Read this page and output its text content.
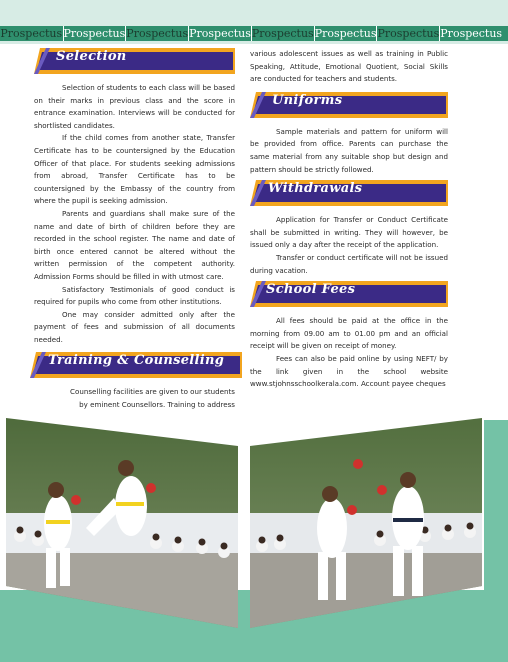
Prospectus Prospectus Prospectus Prospectus Prospectus Prospectus Prospectus Prospectus
Selection

Selection of students to each class will be based on their marks in previous class and the score in entrance examination. Interviews will be conducted for shortlisted candidates.

If the child comes from another state, Transfer Certificate has to be countersigned by the Education Officer of that place. For students seeking admissions from abroad, Transfer Certificate has to be countersigned by the Embassy of the country from where the pupil is seeking admission.

Parents and guardians shall make sure of the name and date of birth of children before they are recorded in the school register. The name and date of birth once entered cannot be altered without the written permission of the competent authority. Admission Forms should be filled in with utmost care.

Satisfactory Testimonials of good conduct is required for pupils who come from other institutions.

One may consider admitted only after the payment of fees and submission of all documents needed.

Training & Counselling

Counselling facilities are given to our students by eminent Counsellors. Training to address

various adolescent issues as well as training in Public Speaking, Attitude, Emotional Quotient, Social Skills are conducted for teachers and students.

Uniforms

Sample materials and pattern for uniform will be provided from office. Parents can purchase the same material from any suitable shop but design and pattern should be strictly followed.

Withdrawals

Application for Transfer or Conduct Certificate shall be submitted in writing. They will however, be issued only a day after the receipt of the application.

Transfer or conduct certificate will not be issued during vacation.

School Fees

All fees should be paid at the office in the morning from 09.00 am to 01.00 pm and an official receipt will be given on receipt of money.

Fees can also be paid online by using NEFT/ by the link given in the school website www.stjohnsschoolkerala.com. Account payee cheques
